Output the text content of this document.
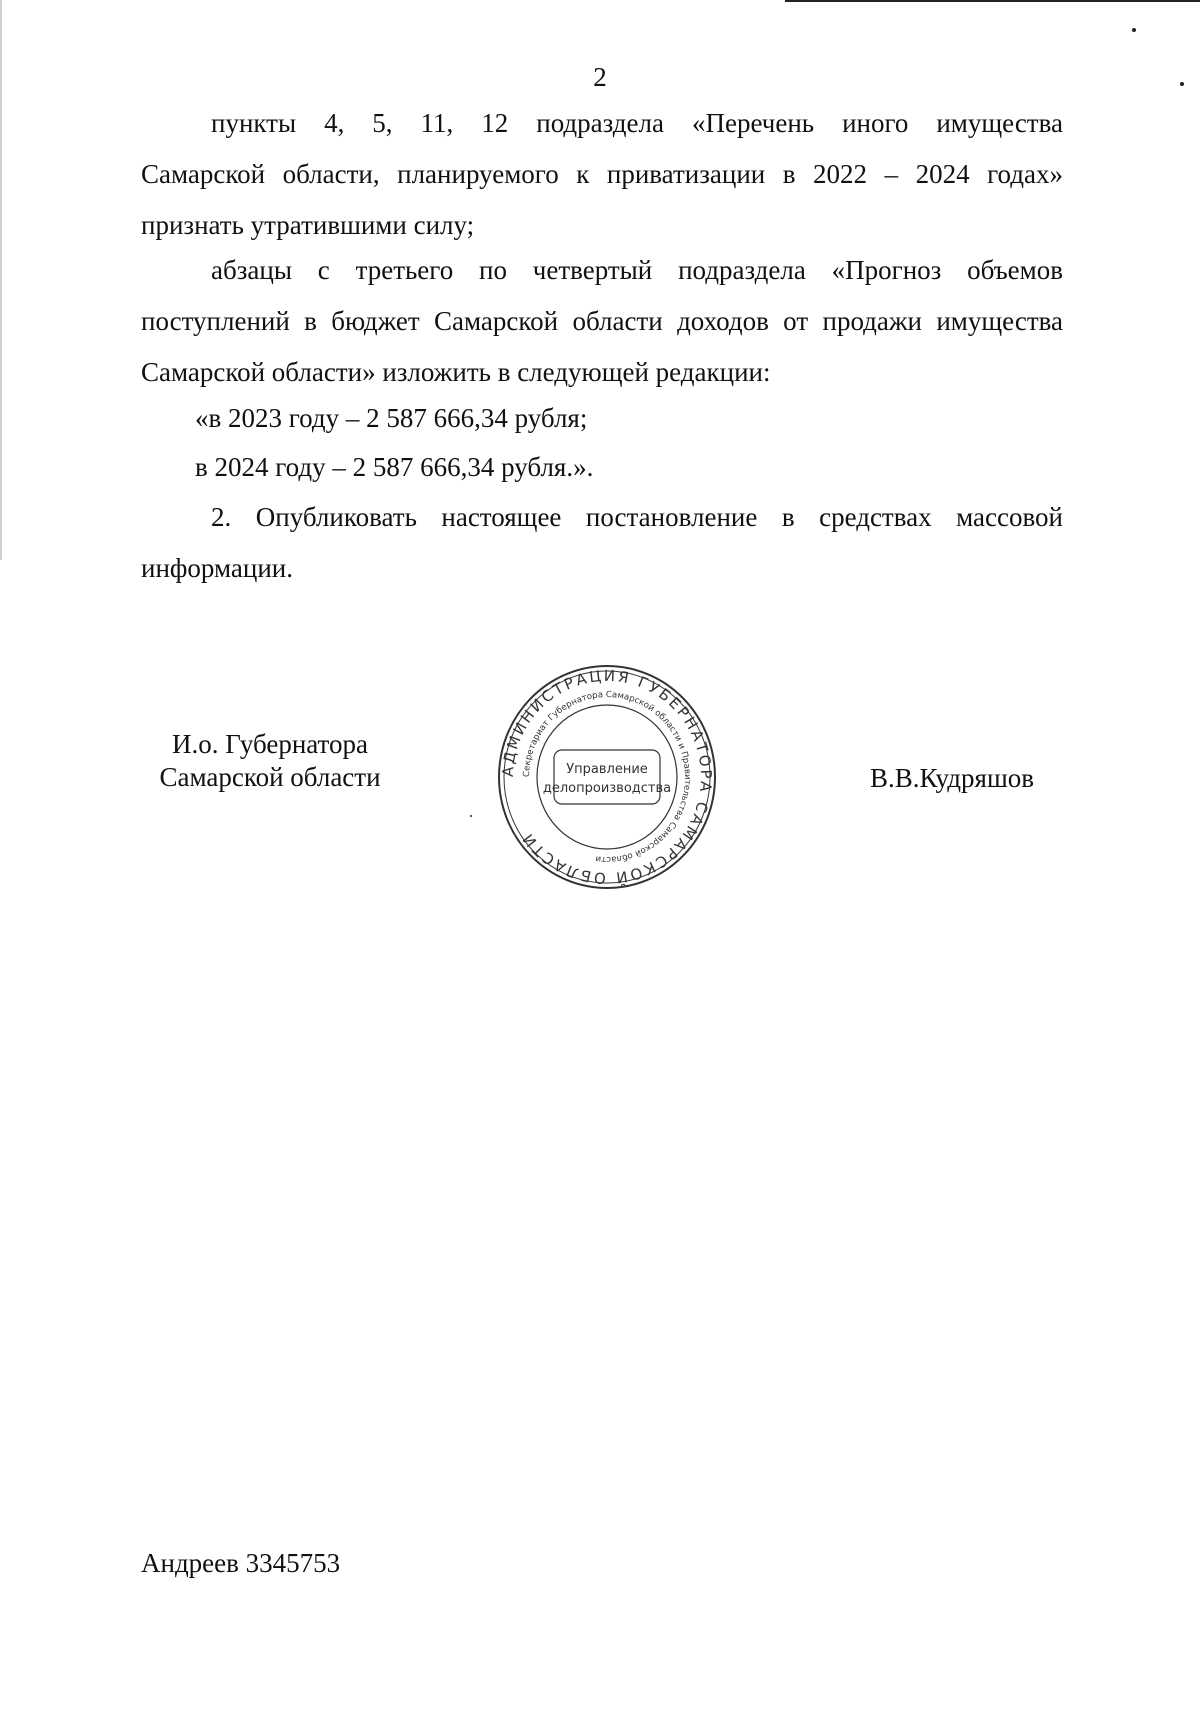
2
пункты 4, 5, 11, 12 подраздела «Перечень иного имущества
Самарской области, планируемого к приватизации в 2022 – 2024 годах»
признать утратившими силу;
абзацы с третьего по четвертый подраздела «Прогноз объемов
поступлений в бюджет Самарской области доходов от продажи имущества
Самарской области» изложить в следующей редакции:
«в 2023 году – 2 587 666,34 рубля;
в 2024 году – 2 587 666,34 рубля.».
2. Опубликовать настоящее постановление в средствах массовой
информации.
И.о. Губернатора
Самарской области	АДМИНИСТРАЦИЯ ГУБЕРНАТОРА САМАРСКОЙ ОБЛАСТИ
Секретариат Губернатора Самарской области и Правительства Самарской области
Управление
делопроизводства	В.В.Кудряшов
Андреев 3345753
